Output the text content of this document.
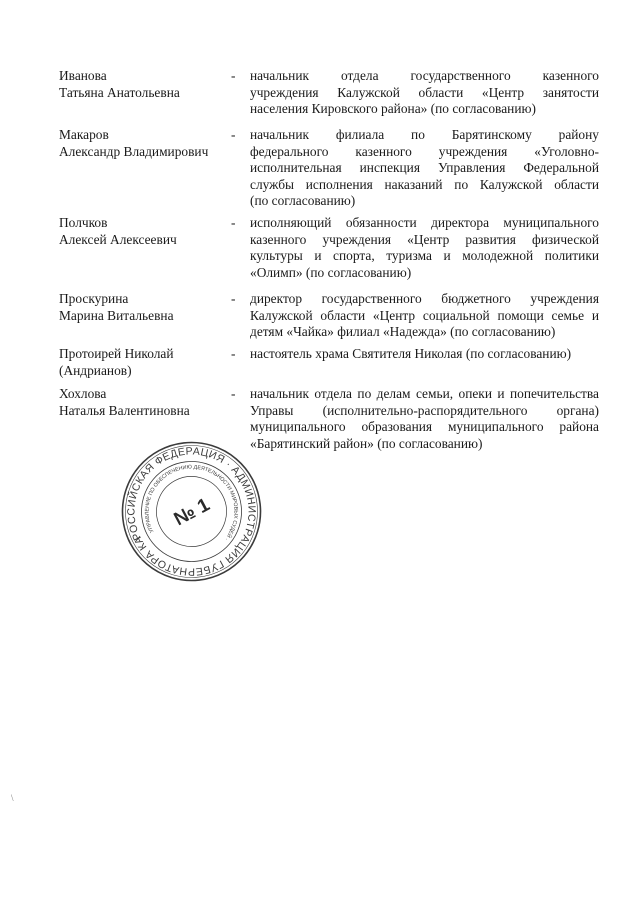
Иванова
Татьяна Анатольевна
- начальник отдела государственного казенного
учреждения Калужской области «Центр занятости
населения Кировского района» (по согласованию)
Макаров
Александр Владимирович
- начальник филиала по Барятинскому району
федерального казенного учреждения «Уголовно-
исполнительная инспекция Управления Федеральной
службы исполнения наказаний по Калужской области
(по согласованию)
Полчков
Алексей Алексеевич
- исполняющий обязанности директора муниципального
казенного учреждения «Центр развития физической
культуры и спорта, туризма и молодежной политики
«Олимп» (по согласованию)
Проскурина
Марина Витальевна
- директор государственного бюджетного учреждения
Калужской области «Центр социальной помощи семье и
детям «Чайка» филиал «Надежда» (по согласованию)
Протоирей Николай
(Андрианов)
- настоятель храма Святителя Николая (по согласованию)
Хохлова
Наталья Валентиновна
- начальник отдела по делам семьи, опеки и попечительства
Управы (исполнительно-распорядительного органа)
муниципального образования муниципального района
«Барятинский район» (по согласованию)
РОССИЙСКАЯ ФЕДЕРАЦИЯ · АДМИНИСТРАЦИЯ ГУБЕРНАТОРА КАЛУЖСКОЙ
УПРАВЛЕНИЕ ПО ОБЕСПЕЧЕНИЮ ДЕЯТЕЛЬНОСТИ МИРОВЫХ СУДЕЙ ·
№ 1
\
